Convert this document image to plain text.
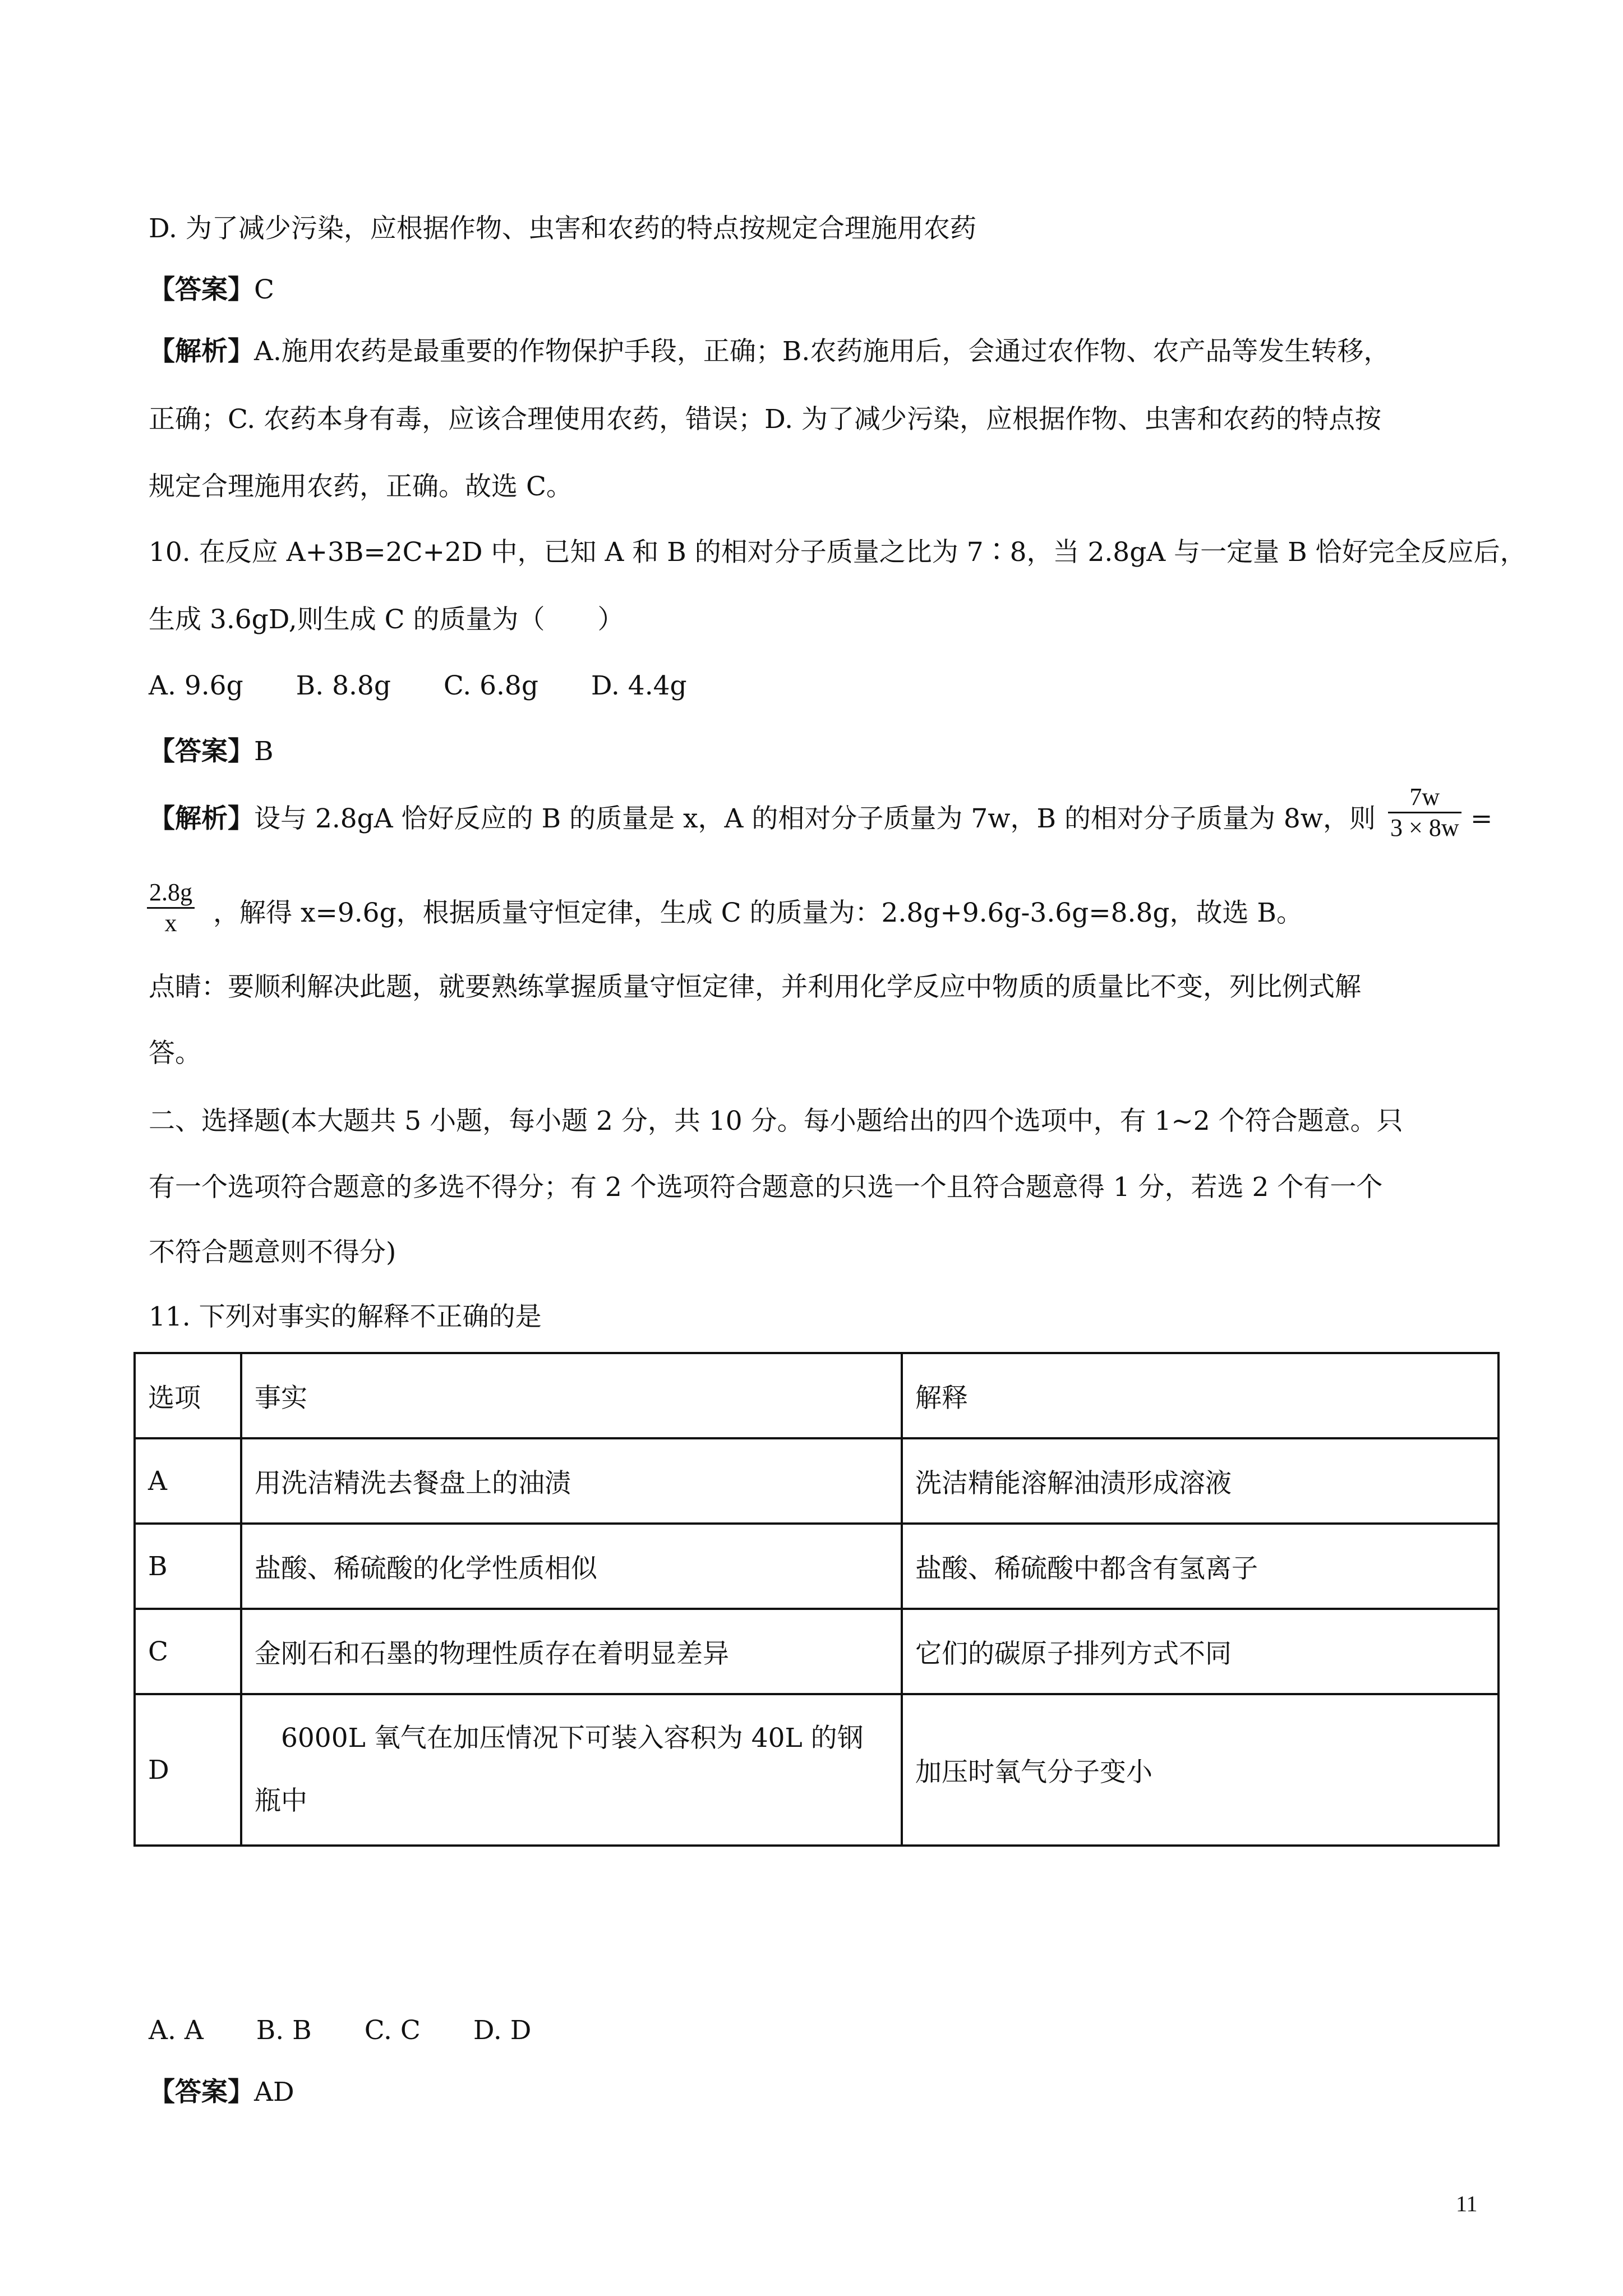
D. 为了减少污染，应根据作物、虫害和农药的特点按规定合理施用农药
【答案】C
【解析】A.施用农药是最重要的作物保护手段，正确；B.农药施用后，会通过农作物、农产品等发生转移，
正确；C. 农药本身有毒，应该合理使用农药，错误；D. 为了减少污染，应根据作物、虫害和农药的特点按
规定合理施用农药，正确。故选 C。
10. 在反应 A+3B=2C+2D 中，已知 A 和 B 的相对分子质量之比为 7∶8，当 2.8gA 与一定量 B 恰好完全反应后，
生成 3.6gD,则生成 C 的质量为（　　）
A. 9.6g　　B. 8.8g　　C. 6.8g　　D. 4.4g
【答案】B
【解析】设与 2.8gA 恰好反应的 B 的质量是 x，A 的相对分子质量为 7w，B 的相对分子质量为 8w，则 $\frac{7w}{3 \times 8w}$ =
$\frac{2.8g}{x}$ ，解得 x=9.6g，根据质量守恒定律，生成 C 的质量为：2.8g+9.6g-3.6g=8.8g，故选 B。
点睛：要顺利解决此题，就要熟练掌握质量守恒定律，并利用化学反应中物质的质量比不变，列比例式解
答。
二、选择题(本大题共 5 小题，每小题 2 分，共 10 分。每小题给出的四个选项中，有 1~2 个符合题意。只
有一个选项符合题意的多选不得分；有 2 个选项符合题意的只选一个且符合题意得 1 分，若选 2 个有一个
不符合题意则不得分)
11. 下列对事实的解释不正确的是
选项	事实	解释
A	用洗洁精洗去餐盘上的油渍	洗洁精能溶解油渍形成溶液
B	盐酸、稀硫酸的化学性质相似	盐酸、稀硫酸中都含有氢离子
C	金刚石和石墨的物理性质存在着明显差异	它们的碳原子排列方式不同
D	　6000L 氧气在加压情况下可装入容积为 40L 的钢瓶中	加压时氧气分子变小
A. A　　B. B　　C. C　　D. D
【答案】AD
11
